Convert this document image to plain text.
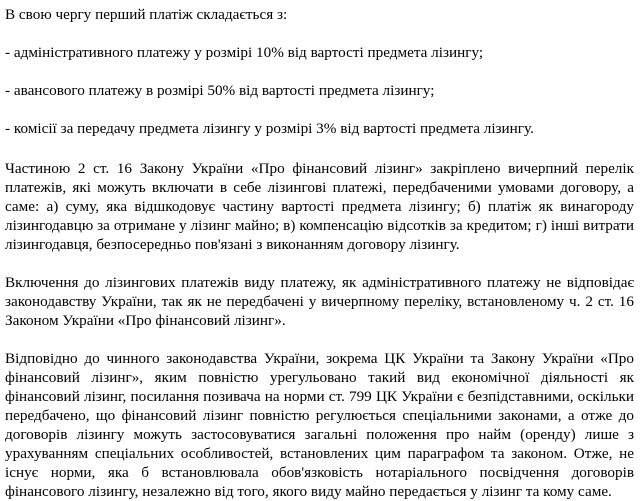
В свою чергу перший платіж складається з:

- адміністративного платежу у розмірі 10% від вартості предмета лізингу;

- авансового платежу в розмірі 50% від вартості предмета лізингу;

- комісії за передачу предмета лізингу у розмірі 3% від вартості предмета лізингу.

Частиною 2 ст. 16 Закону України «Про фінансовий лізинг» закріплено вичерпний перелік платежів, які можуть включати в себе лізингові платежі, передбаченими умовами договору, а саме: а) суму, яка відшкодовує частину вартості предмета лізингу; б) платіж як винагороду лізингодавцю за отримане у лізинг майно; в) компенсацію відсотків за кредитом; г) інші витрати лізингодавця, безпосередньо пов'язані з виконанням договору лізингу.

Включення до лізингових платежів виду платежу, як адміністративного платежу не відповідає законодавству України, так як не передбачені у вичерпному переліку, встановленому ч. 2 ст. 16 Законом України «Про фінансовий лізинг».

Відповідно до чинного законодавства України, зокрема ЦК України та Закону України «Про фінансовий лізинг», яким повністю урегульовано такий вид економічної діяльності як фінансовий лізинг, посилання позивача на норми ст. 799 ЦК України є безпідставними, оскільки передбачено, що фінансовий лізинг повністю регулюється спеціальними законами, а отже до договорів лізингу можуть застосовуватися загальні положення про найм (оренду) лише з урахуванням спеціальних особливостей, встановлених цим параграфом та законом. Отже, не існує норми, яка б встановлювала обов'язковість нотаріального посвідчення договорів фінансового лізингу, незалежно від того, якого виду майно передається у лізинг та кому саме.
